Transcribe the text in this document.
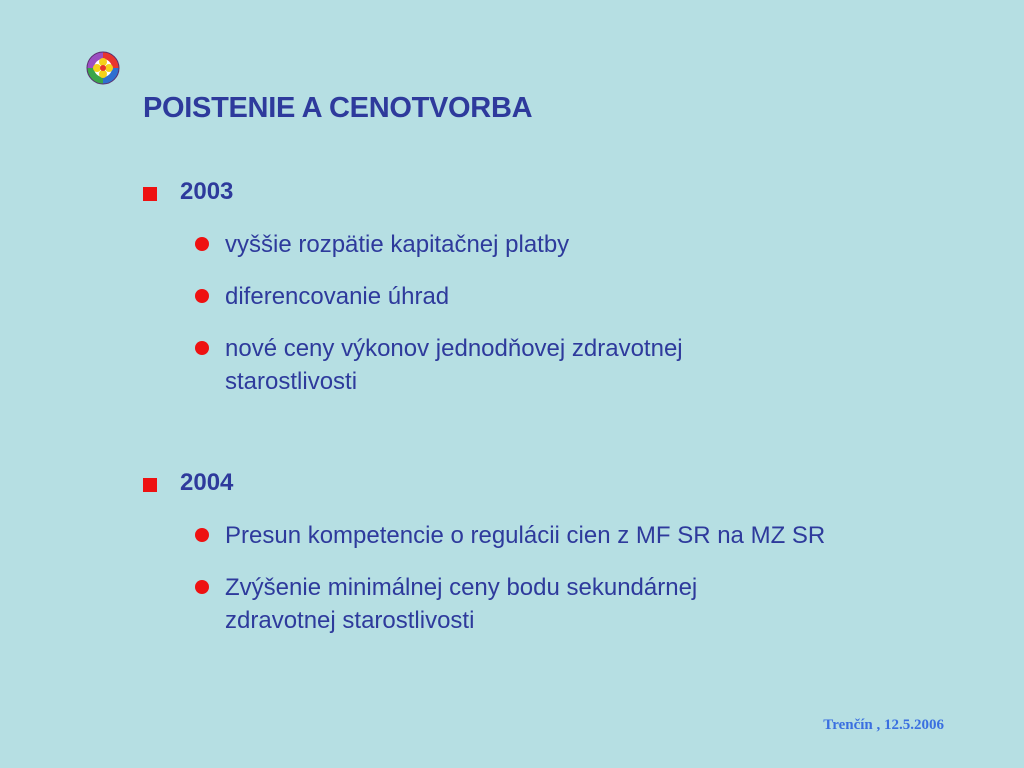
POISTENIE A CENOTVORBA
2003
vyššie rozpätie kapitačnej platby
diferencovanie úhrad
nové ceny výkonov jednodňovej zdravotnej starostlivosti
2004
Presun kompetencie o regulácii cien z MF SR na MZ SR
Zvýšenie minimálnej ceny bodu sekundárnej zdravotnej starostlivosti
Trenčín , 12.5.2006
